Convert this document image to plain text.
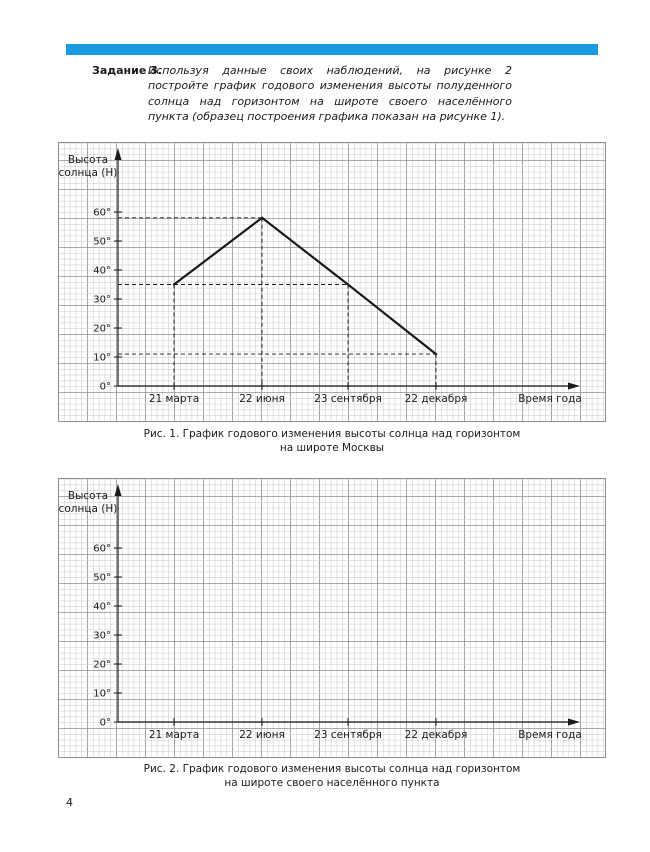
Задание 3.
Используя данные своих наблюдений, на рисунке 2 постройте график годового изменения высоты полуденного солнца над горизонтом на широте своего населённого пункта (образец построения графика показан на рисунке 1).
Высота
солнца (H)
0°
10°
20°
30°
40°
50°
60°
21 марта	22 июня	23 сентября 22 декабря	Время года
Рис. 1. График годового изменения высоты солнца над горизонтом
на широте Москвы
Высота
солнца (H)
0°
10°
20°
30°
40°
50°
60°
21 марта	22 июня	23 сентября 22 декабря	Время года
Рис. 2. График годового изменения высоты солнца над горизонтом
на широте своего населённого пункта
4
